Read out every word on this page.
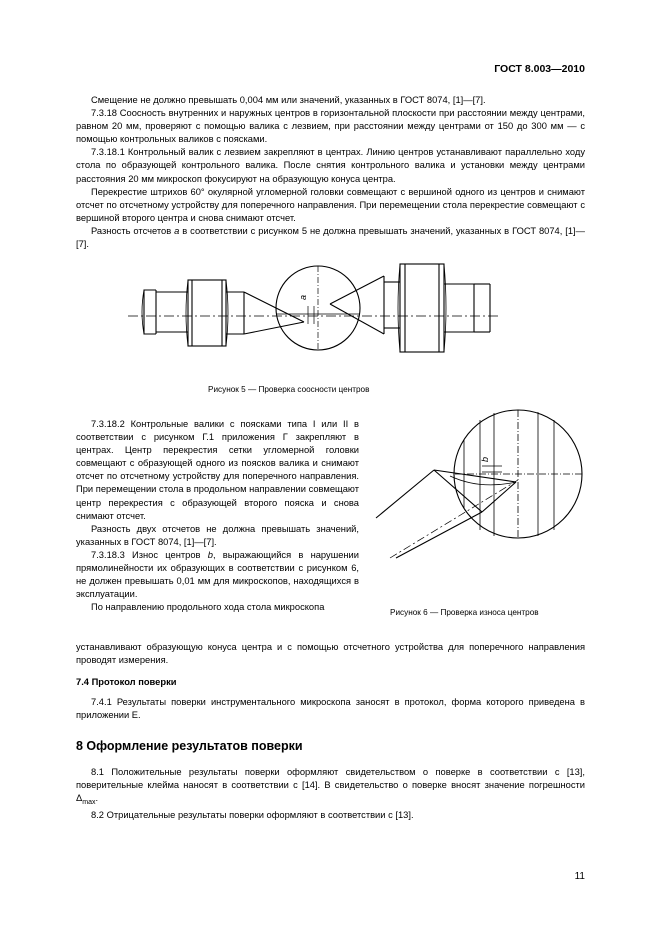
ГОСТ 8.003—2010

Смещение не должно превышать 0,004 мм или значений, указанных в ГОСТ 8074, [1]—[7].

7.3.18 Соосность внутренних и наружных центров в горизонтальной плоскости при расстоянии между центрами, равном 20 мм, проверяют с помощью валика с лезвием, при расстоянии между центрами от 150 до 300 мм — с помощью контрольных валиков с поясками.

7.3.18.1 Контрольный валик с лезвием закрепляют в центрах. Линию центров устанавливают параллельно ходу стола по образующей контрольного валика. После снятия контрольного валика и установки между центрами расстояния 20 мм микроскоп фокусируют на образующую конуса центра.

Перекрестие штрихов 60° окулярной угломерной головки совмещают с вершиной одного из центров и снимают отсчет по отсчетному устройству для поперечного направления. При перемещении стола перекрестие совмещают с вершиной второго центра и снова снимают отсчет.

Разность отсчетов a в соответствии с рисунком 5 не должна превышать значений, указанных в ГОСТ 8074, [1]—[7].

a
Рисунок 5 — Проверка соосности центров

7.3.18.2 Контрольные валики с поясками типа I или II в соответствии с рисунком Г.1 приложения Г закрепляют в центрах. Центр перекрестия сетки угломерной головки совмещают с образующей одного из поясков валика и снимают отсчет по отсчетному устройству для поперечного направления. При перемещении стола в продольном направлении совмещают центр перекрестия с образующей второго пояска и снова снимают отсчет.

Разность двух отсчетов не должна превышать значений, указанных в ГОСТ 8074, [1]—[7].

7.3.18.3 Износ центров b, выражающийся в нарушении прямолинейности их образующих в соответствии с рисунком 6, не должен превышать 0,01 мм для микроскопов, находящихся в эксплуатации.

По направлению продольного хода стола микроскопа

b
Рисунок 6 — Проверка износа центров

устанавливают образующую конуса центра и с помощью отсчетного устройства для поперечного направления проводят измерения.

7.4 Протокол поверки

7.4.1 Результаты поверки инструментального микроскопа заносят в протокол, форма которого приведена в приложении Е.

8 Оформление результатов поверки

8.1 Положительные результаты поверки оформляют свидетельством о поверке в соответствии с [13], поверительные клейма наносят в соответствии с [14]. В свидетельство о поверке вносят значение погрешности $\Delta_{max}$.

8.2 Отрицательные результаты поверки оформляют в соответствии с [13].

11
